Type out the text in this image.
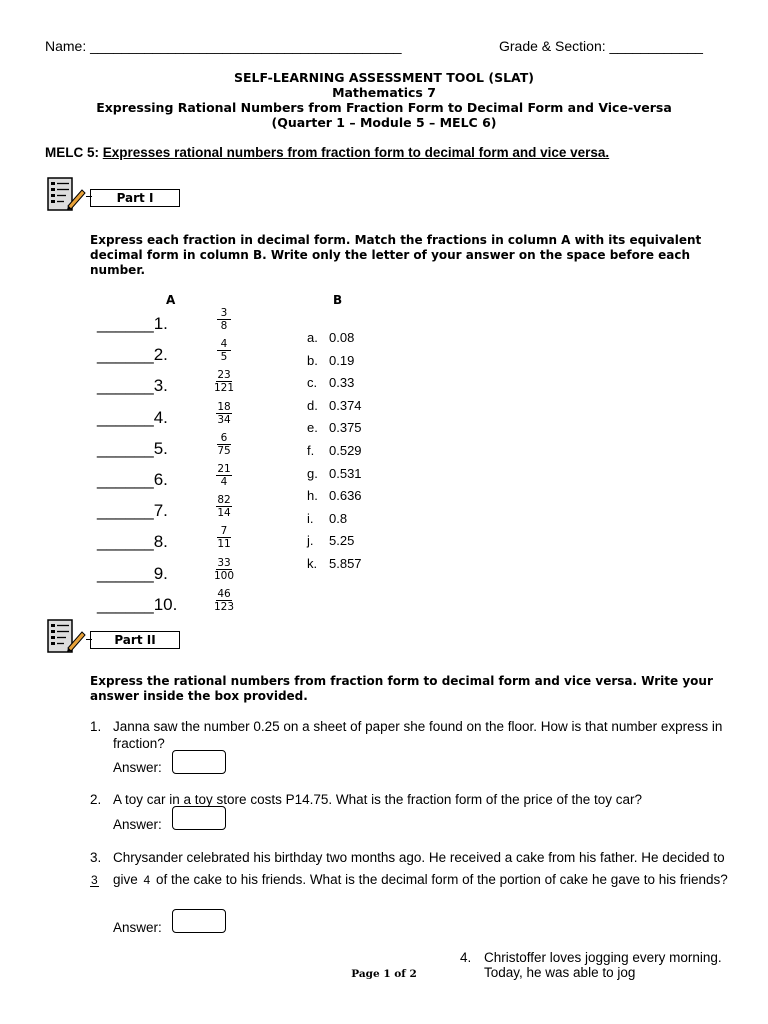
Name: ________________________________________	Grade & Section: ____________
SELF-LEARNING ASSESSMENT TOOL (SLAT)
Mathematics 7
Expressing Rational Numbers from Fraction Form to Decimal Form and Vice-versa
(Quarter 1 – Module 5 – MELC 6)
MELC 5: Expresses rational numbers from fraction form to decimal form and vice versa.
Part I
Express each fraction in decimal form. Match the fractions in column A with its equivalent decimal form in column B. Write only the letter of your answer on the space before each number.
A	B
______1.	$\frac{3}{8}$
______2.	$\frac{4}{5}$
______3.	$\frac{23}{121}$
______4.	$\frac{18}{34}$
______5.	$\frac{6}{75}$
______6.	$\frac{21}{4}$
______7.	$\frac{82}{14}$
______8.	$\frac{7}{11}$
______9.	$\frac{33}{100}$
______10.	$\frac{46}{123}$
a. 0.08
b. 0.19
c. 0.33
d. 0.374
e. 0.375
f. 0.529
g. 0.531
h. 0.636
i. 0.8
j. 5.25
k. 5.857
Part II
Express the rational numbers from fraction form to decimal form and vice versa. Write your answer inside the box provided.
1. Janna saw the number 0.25 on a sheet of paper she found on the floor. How is that number express in fraction?
Answer:
2. A toy car in a toy store costs P14.75. What is the fraction form of the price of the toy car?
Answer:
3. Chrysander celebrated his birthday two months ago. He received a cake from his father. He decided to give
3	4 of the cake to his friends. What is the decimal form of the portion of cake he gave to his friends?
Answer:
4. Christoffer loves jogging every morning. Today, he was able to jog
Page 1 of 2
